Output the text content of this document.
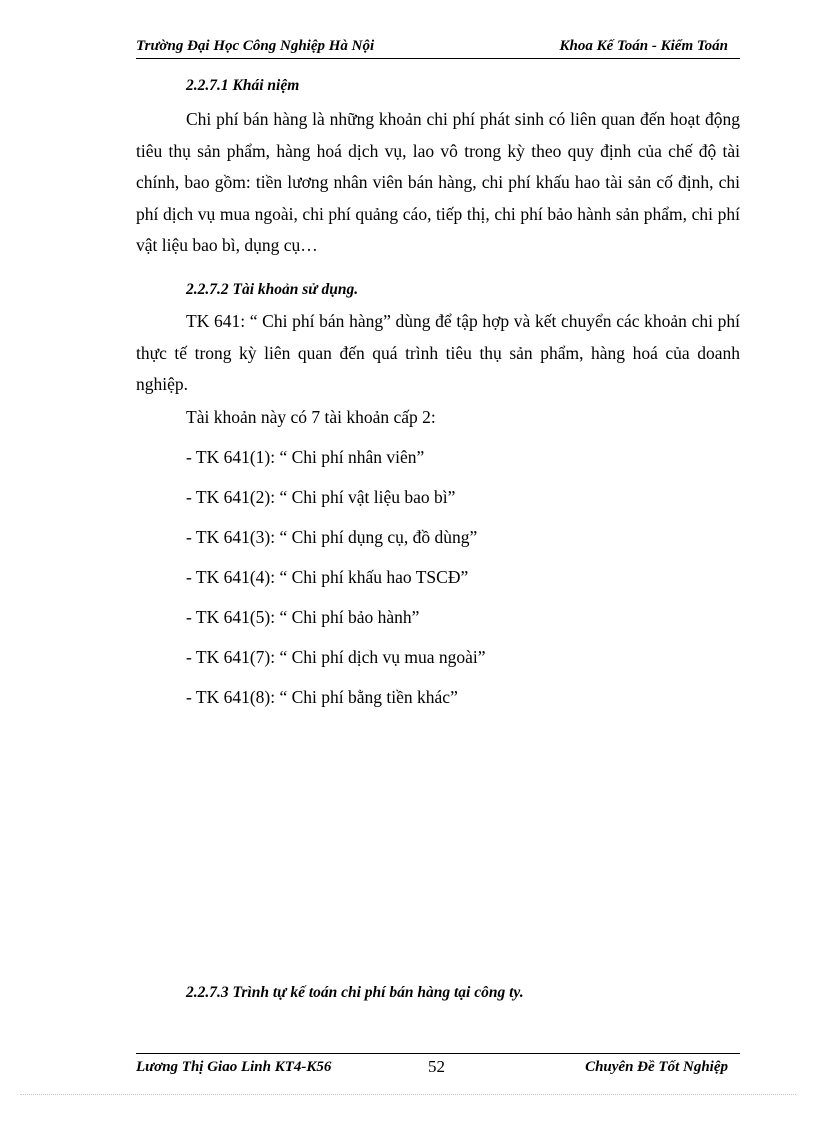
Trường Đại Học Công Nghiệp Hà Nội	Khoa Kế Toán - Kiểm Toán
2.2.7.1 Khái niệm

Chi phí bán hàng là những khoản chi phí phát sinh có liên quan đến hoạt động tiêu thụ sản phẩm, hàng hoá dịch vụ, lao vô trong kỳ theo quy định của chế độ tài chính, bao gồm: tiền lương nhân viên bán hàng, chi phí khấu hao tài sản cố định, chi phí dịch vụ mua ngoài, chi phí quảng cáo, tiếp thị, chi phí bảo hành sản phẩm, chi phí vật liệu bao bì, dụng cụ…

2.2.7.2 Tài khoản sử dụng.

TK 641: “ Chi phí bán hàng” dùng để tập hợp và kết chuyển các khoản chi phí thực tế trong kỳ liên quan đến quá trình tiêu thụ sản phẩm, hàng hoá của doanh nghiệp.

Tài khoản này có 7 tài khoản cấp 2:

- TK 641(1): “ Chi phí nhân viên”

- TK 641(2): “ Chi phí vật liệu bao bì”

- TK 641(3): “ Chi phí dụng cụ, đồ dùng”

- TK 641(4): “ Chi phí khấu hao TSCĐ”

- TK 641(5): “ Chi phí bảo hành”

- TK 641(7): “ Chi phí dịch vụ mua ngoài”

- TK 641(8): “ Chi phí bằng tiền khác”

2.2.7.3 Trình tự kế toán chi phí bán hàng tại công ty.
Lương Thị Giao Linh KT4-K56	52	Chuyên Đề Tốt Nghiệp
